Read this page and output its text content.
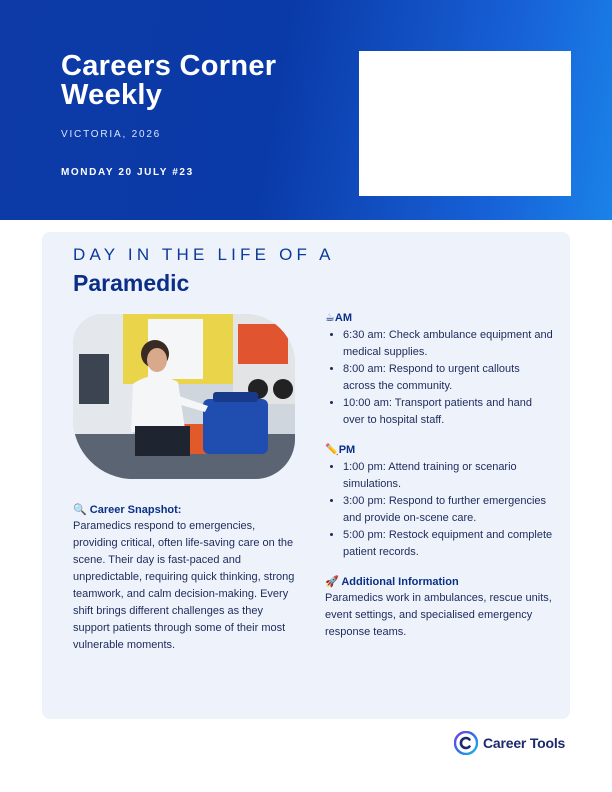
Careers Corner Weekly
VICTORIA, 2026
MONDAY 20 JULY #23
DAY IN THE LIFE OF A
Paramedic
🔍 Career Snapshot:
Paramedics respond to emergencies, providing critical, often life-saving care on the scene. Their day is fast-paced and unpredictable, requiring quick thinking, strong teamwork, and calm decision-making. Every shift brings different challenges as they support patients through some of their most vulnerable moments.
☕AM
• 6:30 am: Check ambulance equipment and medical supplies.
• 8:00 am: Respond to urgent callouts across the community.
• 10:00 am: Transport patients and hand over to hospital staff.
✏️PM
• 1:00 pm: Attend training or scenario simulations.
• 3:00 pm: Respond to further emergencies and provide on-scene care.
• 5:00 pm: Restock equipment and complete patient records.
🚀 Additional Information
Paramedics work in ambulances, rescue units, event settings, and specialised emergency response teams.
Career Tools
